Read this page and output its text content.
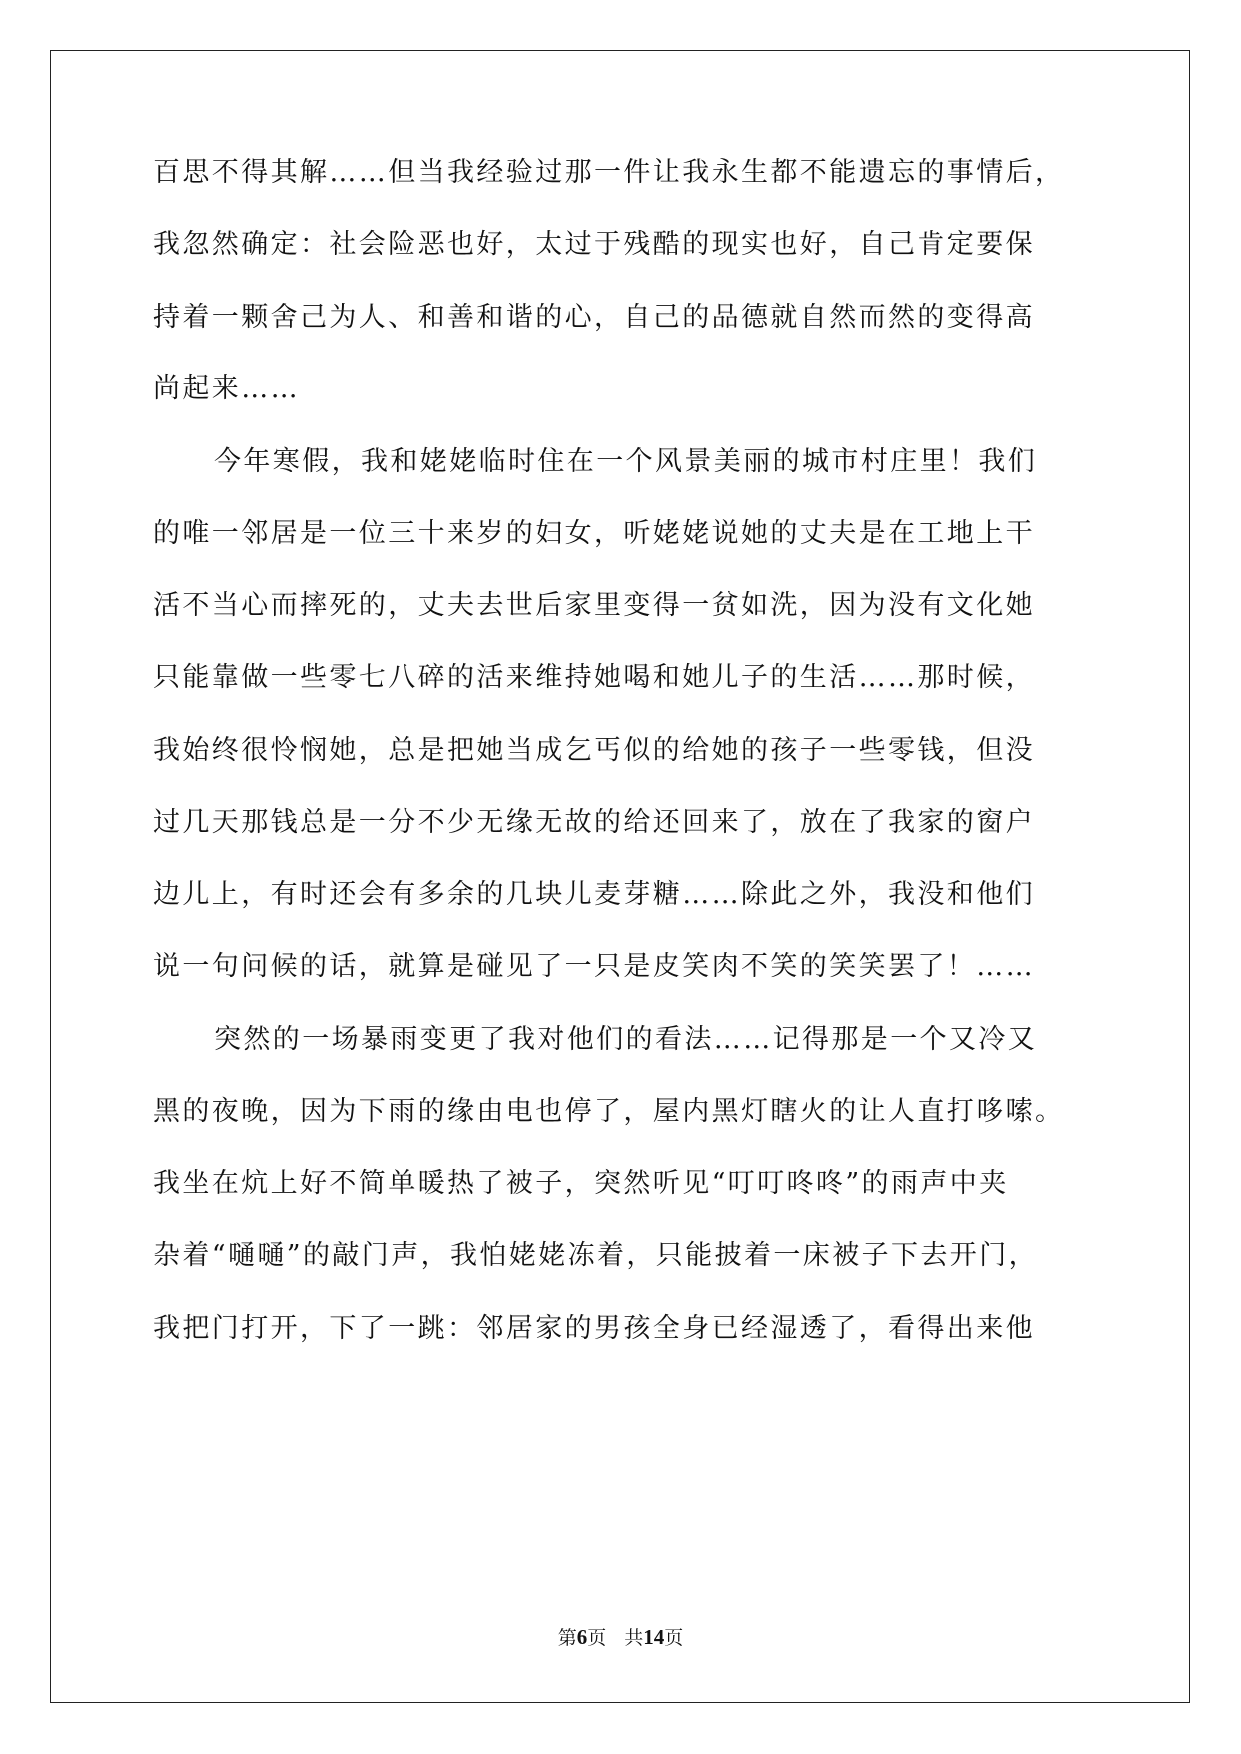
百思不得其解……但当我经验过那一件让我永生都不能遗忘的事情后，
我忽然确定：社会险恶也好，太过于残酷的现实也好，自己肯定要保
持着一颗舍己为人、和善和谐的心，自己的品德就自然而然的变得高
尚起来……
今年寒假，我和姥姥临时住在一个风景美丽的城市村庄里！我们
的唯一邻居是一位三十来岁的妇女，听姥姥说她的丈夫是在工地上干
活不当心而摔死的，丈夫去世后家里变得一贫如洗，因为没有文化她
只能靠做一些零七八碎的活来维持她喝和她儿子的生活……那时候，
我始终很怜悯她，总是把她当成乞丐似的给她的孩子一些零钱，但没
过几天那钱总是一分不少无缘无故的给还回来了，放在了我家的窗户
边儿上，有时还会有多余的几块儿麦芽糖……除此之外，我没和他们
说一句问候的话，就算是碰见了一只是皮笑肉不笑的笑笑罢了！……
突然的一场暴雨变更了我对他们的看法……记得那是一个又冷又
黑的夜晚，因为下雨的缘由电也停了，屋内黑灯瞎火的让人直打哆嗦。
我坐在炕上好不简单暖热了被子，突然听见“叮叮咚咚”的雨声中夹
杂着“嗵嗵”的敲门声，我怕姥姥冻着，只能披着一床被子下去开门，
我把门打开，下了一跳：邻居家的男孩全身已经湿透了，看得出来他
第6页 共14页
